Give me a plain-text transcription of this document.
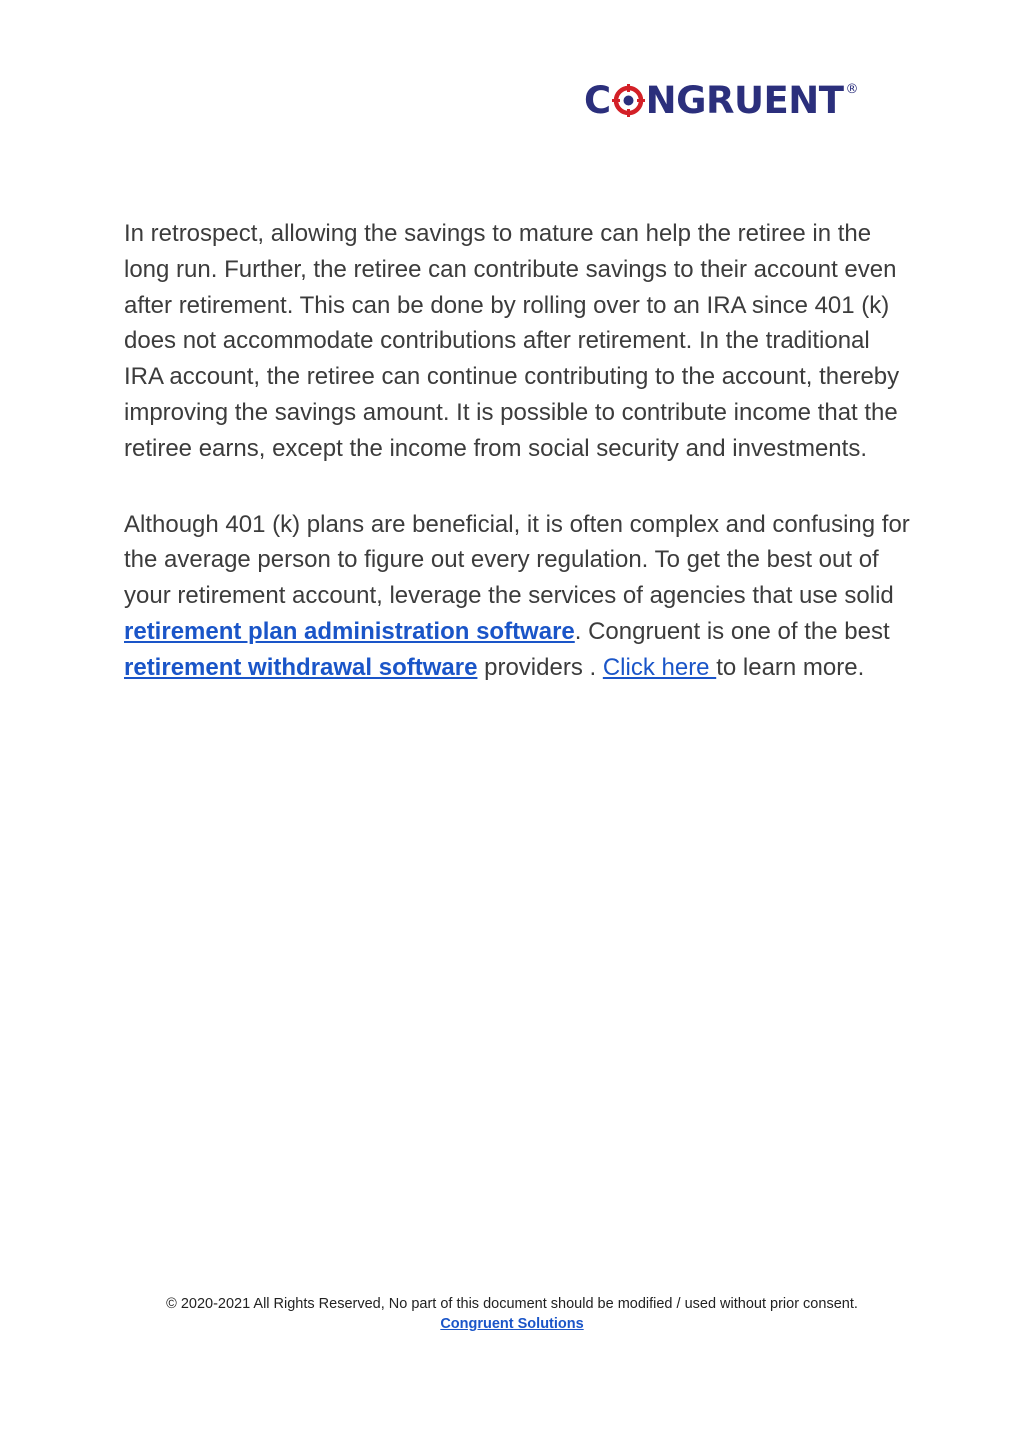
C NGRUENT ®

In retrospect, allowing the savings to mature can help the retiree in the long run. Further, the retiree can contribute savings to their account even after retirement. This can be done by rolling over to an IRA since 401 (k) does not accommodate contributions after retirement. In the traditional IRA account, the retiree can continue contributing to the account, thereby improving the savings amount. It is possible to contribute income that the retiree earns, except the income from social security and investments.

Although 401 (k) plans are beneficial, it is often complex and confusing for the average person to figure out every regulation. To get the best out of your retirement account, leverage the services of agencies that use solid retirement plan administration software. Congruent is one of the best retirement withdrawal software providers . Click here to learn more.

© 2020-2021 All Rights Reserved, No part of this document should be modified / used without prior consent.
Congruent Solutions
